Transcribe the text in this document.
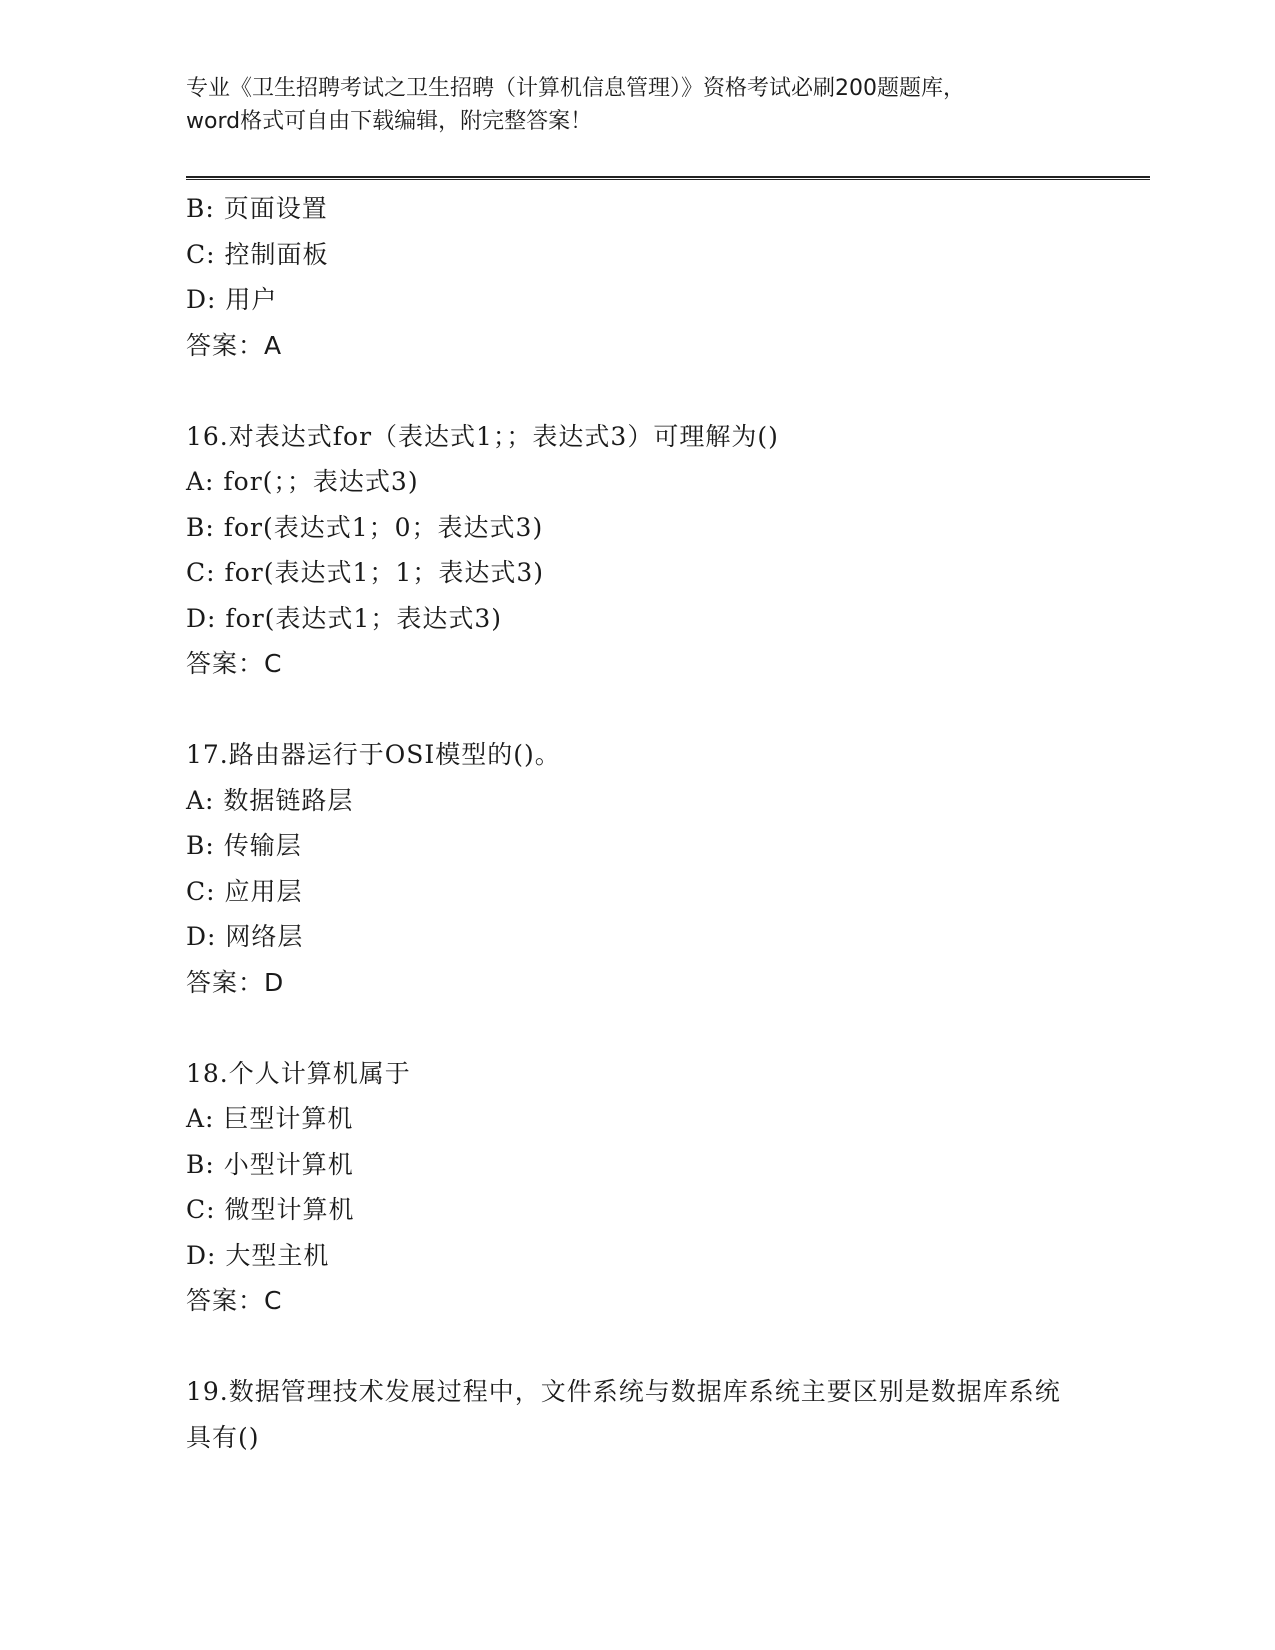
专业《卫生招聘考试之卫生招聘（计算机信息管理）》资格考试必刷200题题库，
word格式可自由下载编辑，附完整答案！
B: 页面设置
C: 控制面板
D: 用户
答案：A
16.对表达式for（表达式1；；表达式3）可理解为()
A: for(；；表达式3)
B: for(表达式1；0；表达式3)
C: for(表达式1；1；表达式3)
D: for(表达式1；表达式3)
答案：C
17.路由器运行于OSI模型的()。
A: 数据链路层
B: 传输层
C: 应用层
D: 网络层
答案：D
18.个人计算机属于
A: 巨型计算机
B: 小型计算机
C: 微型计算机
D: 大型主机
答案：C
19.数据管理技术发展过程中，文件系统与数据库系统主要区别是数据库系统具有()
